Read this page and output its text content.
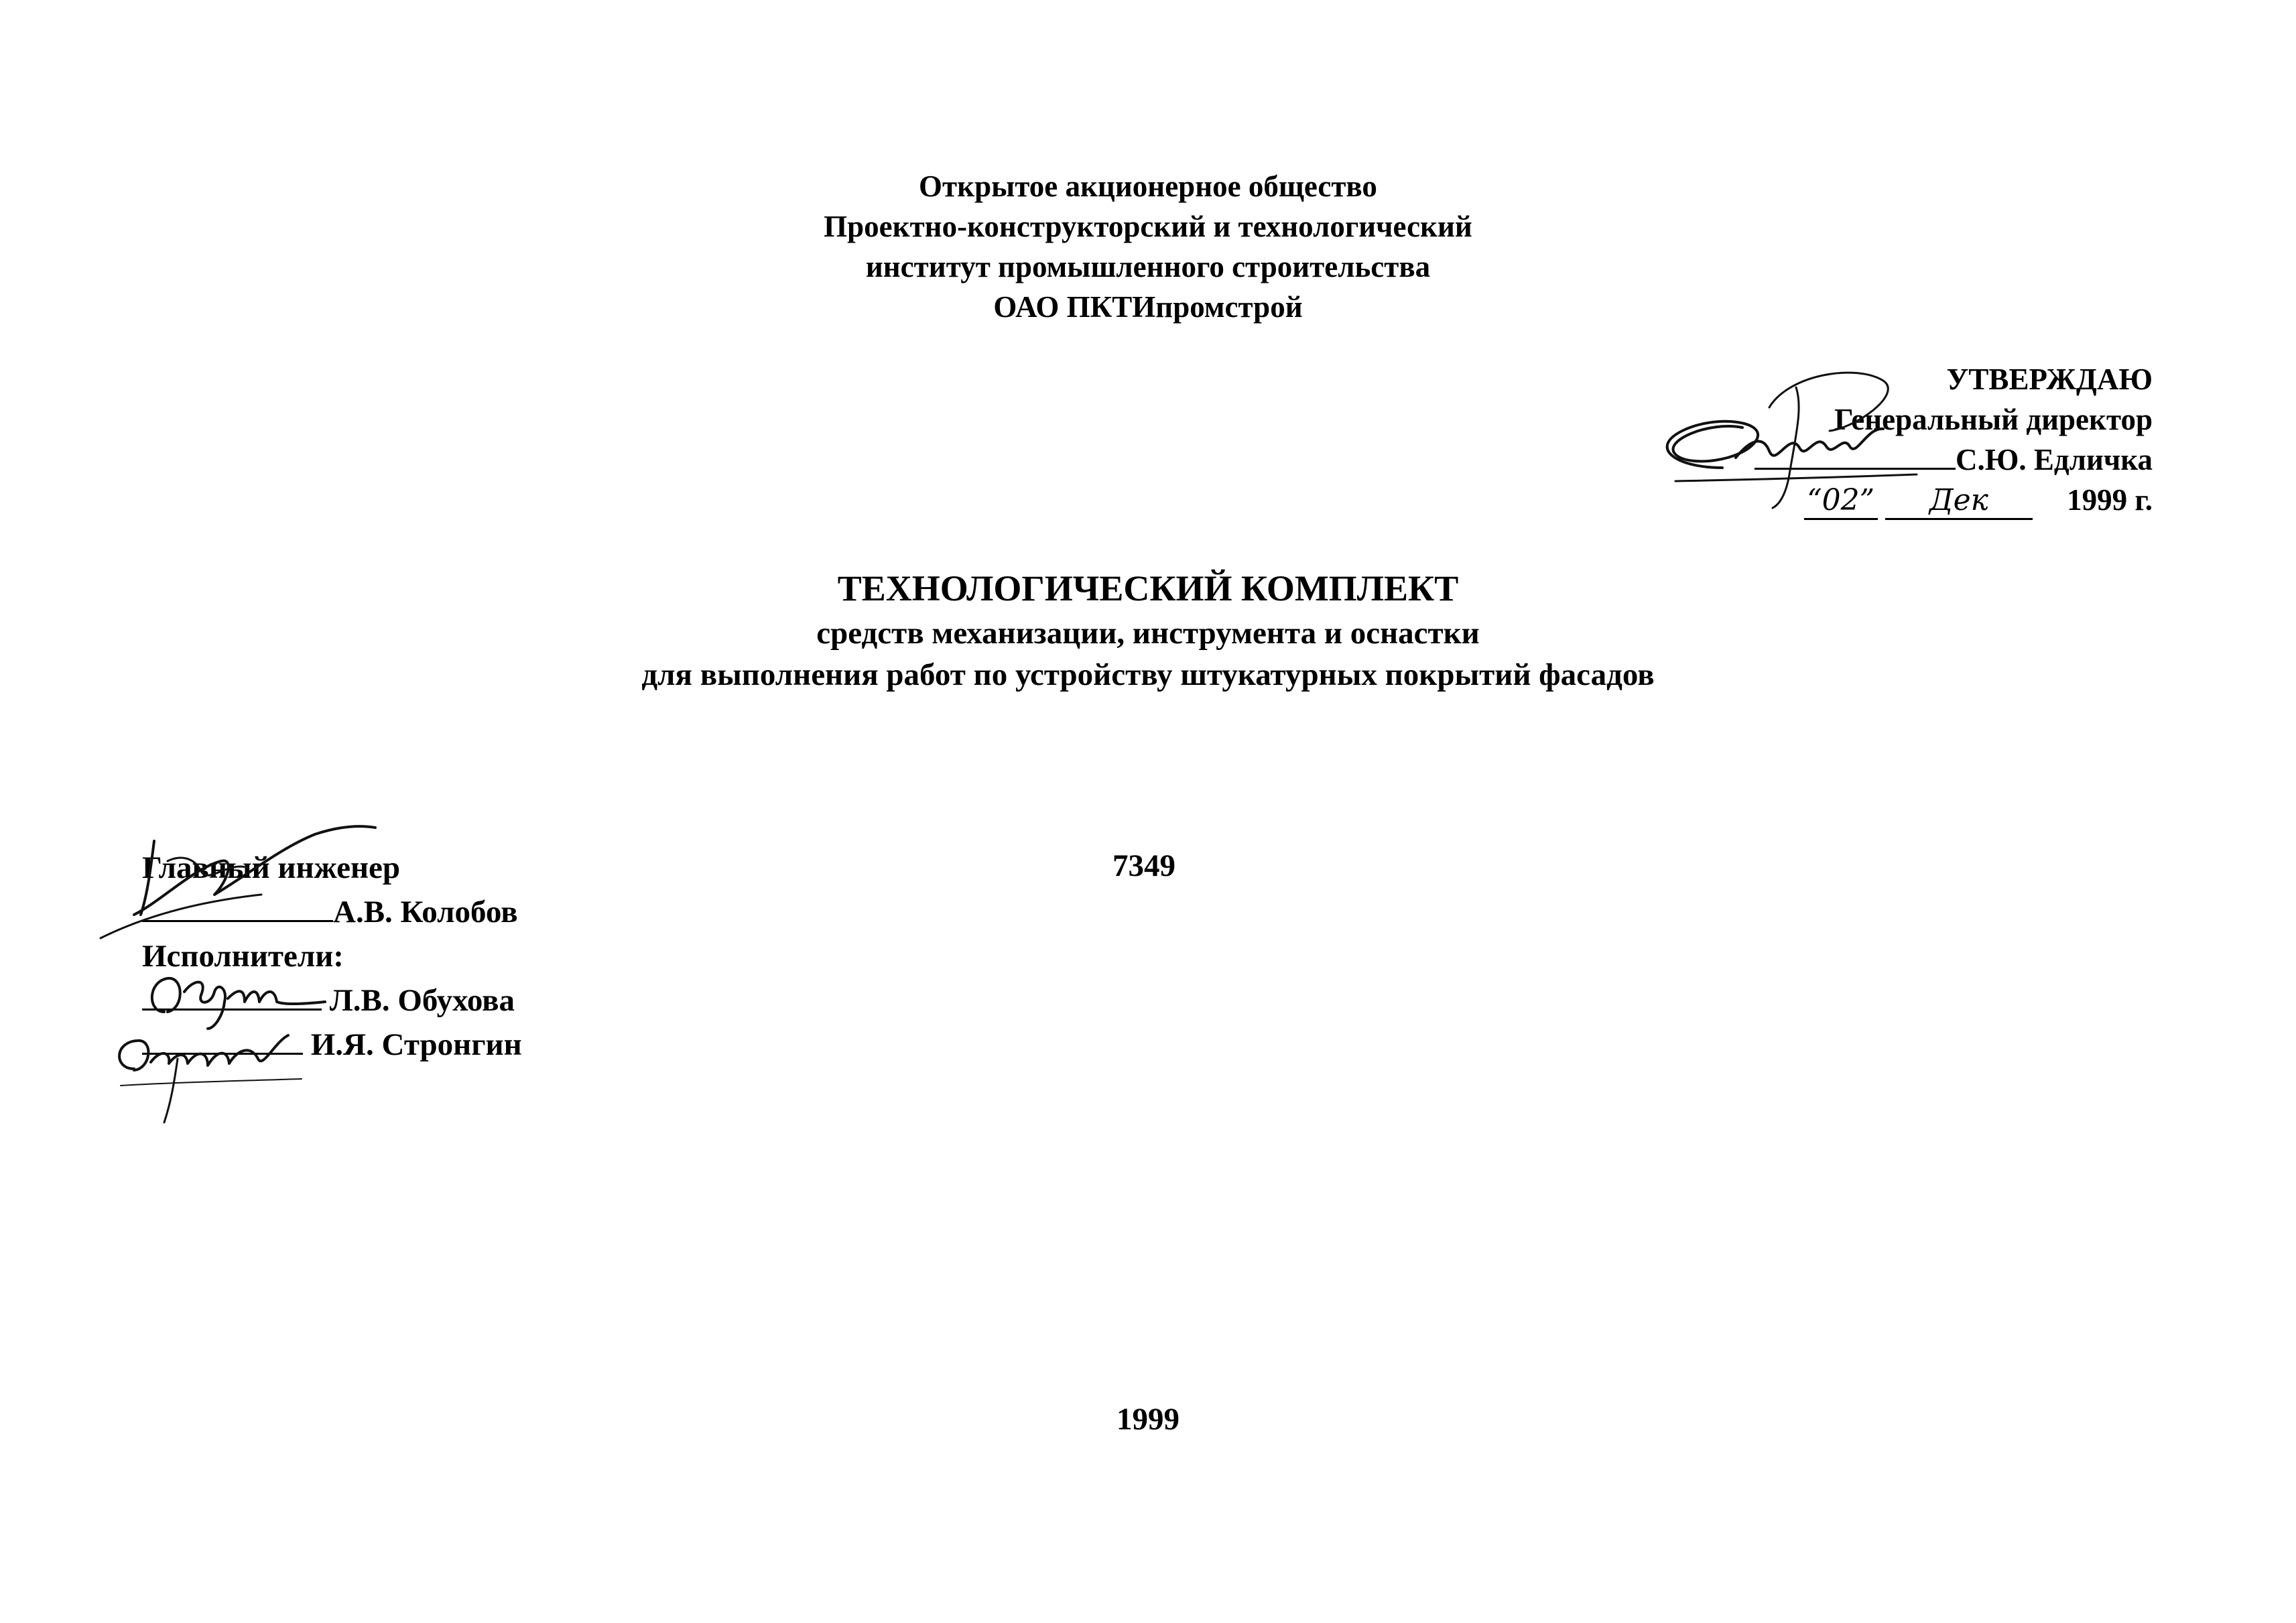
Открытое акционерное общество
Проектно-конструкторский и технологический
институт промышленного строительства
ОАО ПКТИпромстрой
УТВЕРЖДАЮ
Генеральный директор
С.Ю. Едличка
“02” Дек	1999 г.
ТЕХНОЛОГИЧЕСКИЙ КОМПЛЕКТ
средств механизации, инструмента и оснастки
для выполнения работ по устройству штукатурных покрытий фасадов
7349
Главный инженер
А.В. Колобов
Исполнители:
Л.В. Обухова
И.Я. Стронгин
1999
